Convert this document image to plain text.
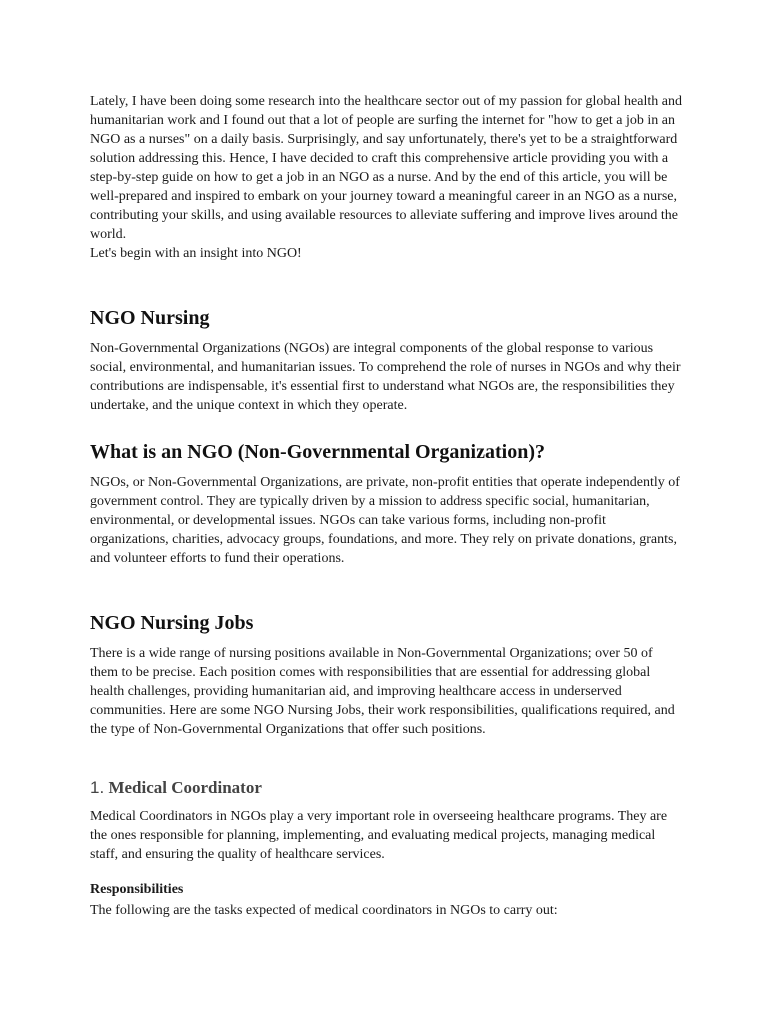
Lately, I have been doing some research into the healthcare sector out of my passion for global health and humanitarian work and I found out that a lot of people are surfing the internet for "how to get a job in an NGO as a nurses" on a daily basis. Surprisingly, and say unfortunately, there's yet to be a straightforward solution addressing this. Hence, I have decided to craft this comprehensive article providing you with a step-by-step guide on how to get a job in an NGO as a nurse. And by the end of this article, you will be well-prepared and inspired to embark on your journey toward a meaningful career in an NGO as a nurse, contributing your skills, and using available resources to alleviate suffering and improve lives around the world.

Let's begin with an insight into NGO!

NGO Nursing

Non-Governmental Organizations (NGOs) are integral components of the global response to various social, environmental, and humanitarian issues. To comprehend the role of nurses in NGOs and why their contributions are indispensable, it's essential first to understand what NGOs are, the responsibilities they undertake, and the unique context in which they operate.

What is an NGO (Non-Governmental Organization)?

NGOs, or Non-Governmental Organizations, are private, non-profit entities that operate independently of government control. They are typically driven by a mission to address specific social, humanitarian, environmental, or developmental issues. NGOs can take various forms, including non-profit organizations, charities, advocacy groups, foundations, and more. They rely on private donations, grants, and volunteer efforts to fund their operations.

NGO Nursing Jobs

There is a wide range of nursing positions available in Non-Governmental Organizations; over 50 of them to be precise. Each position comes with responsibilities that are essential for addressing global health challenges, providing humanitarian aid, and improving healthcare access in underserved communities. Here are some NGO Nursing Jobs, their work responsibilities, qualifications required, and the type of Non-Governmental Organizations that offer such positions.

1. Medical Coordinator

Medical Coordinators in NGOs play a very important role in overseeing healthcare programs. They are the ones responsible for planning, implementing, and evaluating medical projects, managing medical staff, and ensuring the quality of healthcare services.

Responsibilities

The following are the tasks expected of medical coordinators in NGOs to carry out:
